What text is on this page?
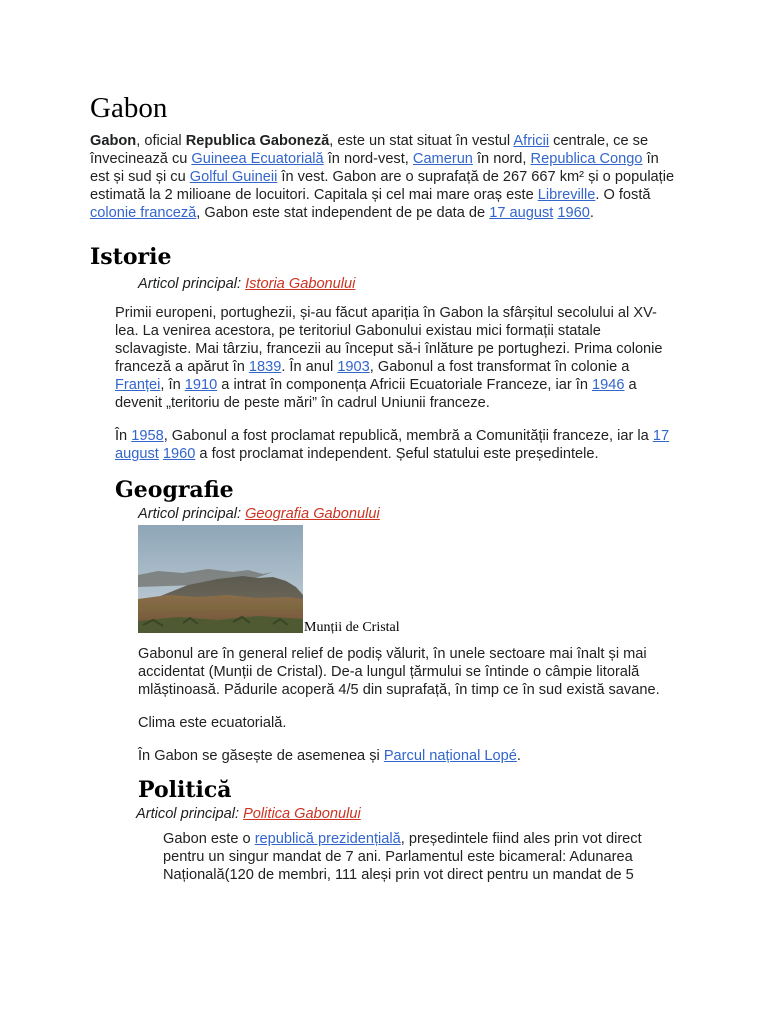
Gabon

Gabon, oficial Republica Gaboneză, este un stat situat în vestul Africii centrale, ce se învecinează cu Guineea Ecuatorială în nord-vest, Camerun în nord, Republica Congo în est și sud și cu Golful Guineii în vest. Gabon are o suprafață de 267 667 km² și o populație estimată la 2 milioane de locuitori. Capitala și cel mai mare oraș este Libreville. O fostă colonie franceză, Gabon este stat independent de pe data de 17 august 1960.

Istorie
Articol principal: Istoria Gabonului

Primii europeni, portughezii, și-au făcut apariția în Gabon la sfârșitul secolului al XV-lea. La venirea acestora, pe teritoriul Gabonului existau mici formații statale sclavagiste. Mai târziu, francezii au început să-i înlăture pe portughezi. Prima colonie franceză a apărut în 1839. În anul 1903, Gabonul a fost transformat în colonie a Franței, în 1910 a intrat în componența Africii Ecuatoriale Franceze, iar în 1946 a devenit „teritoriu de peste mări” în cadrul Uniunii franceze.

În 1958, Gabonul a fost proclamat republică, membră a Comunității franceze, iar la 17 august 1960 a fost proclamat independent. Șeful statului este președintele.

Geografie
Articol principal: Geografia Gabonului
Munții de Cristal

Gabonul are în general relief de podiș vălurit, în unele sectoare mai înalt și mai accidentat (Munții de Cristal). De-a lungul țărmului se întinde o câmpie litorală mlăștinoasă. Pădurile acoperă 4/5 din suprafață, în timp ce în sud există savane.

Clima este ecuatorială.

În Gabon se găsește de asemenea și Parcul național Lopé.

Politică
Articol principal: Politica Gabonului

Gabon este o republică prezidențială, președintele fiind ales prin vot direct pentru un singur mandat de 7 ani. Parlamentul este bicameral: Adunarea Națională(120 de membri, 111 aleși prin vot direct pentru un mandat de 5
